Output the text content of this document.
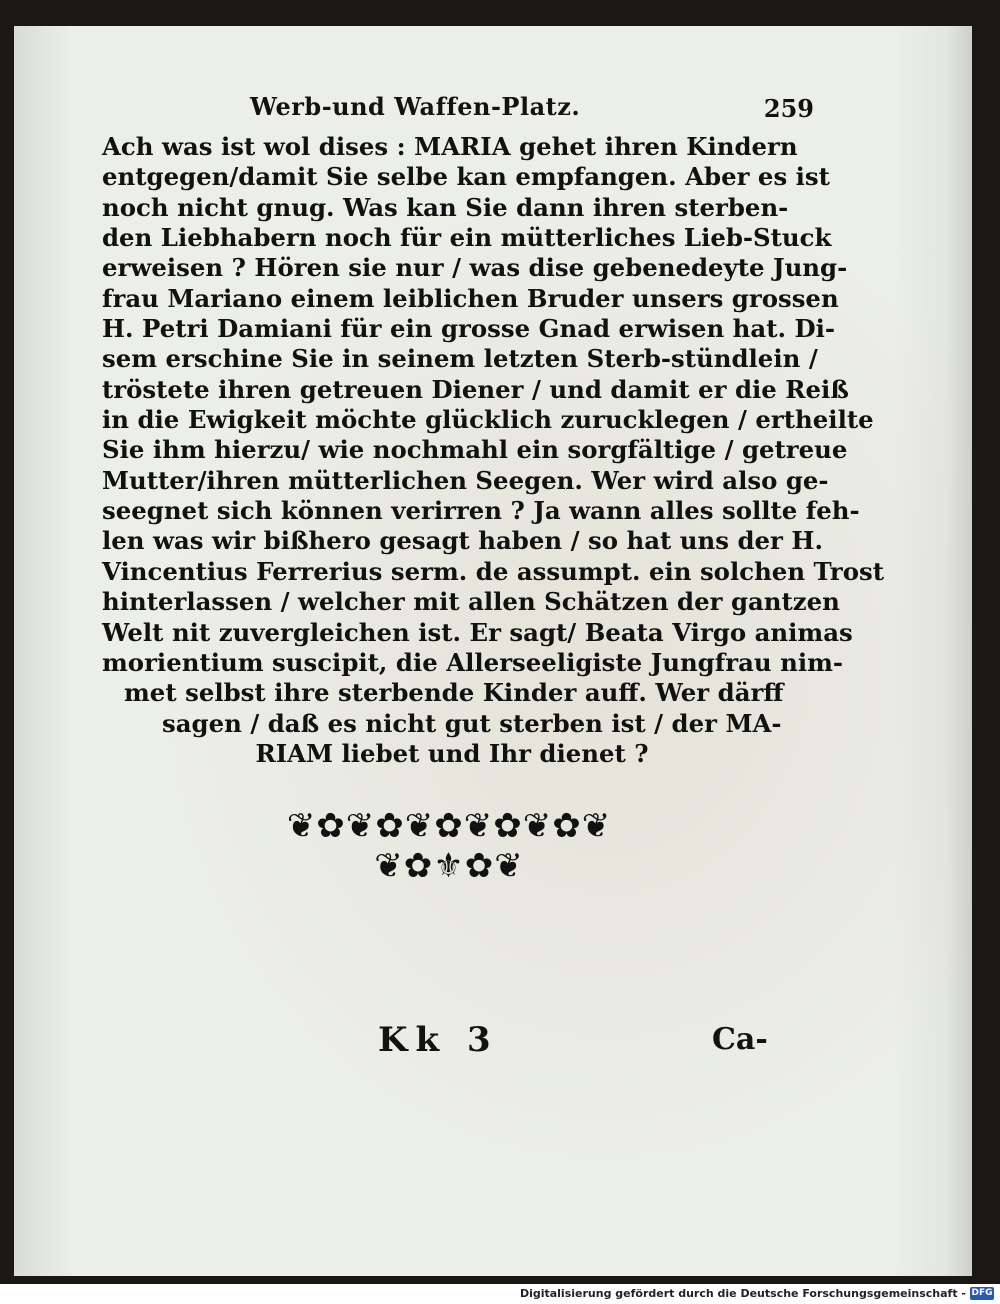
Werb-und Waffen-Platz.	259
Ach was ist wol dises : MARIA gehet ihren Kindern
entgegen/damit Sie selbe kan empfangen. Aber es ist
noch nicht gnug. Was kan Sie dann ihren sterben-
den Liebhabern noch für ein mütterliches Lieb-Stuck
erweisen ? Hören sie nur / was dise gebenedeyte Jung-
frau Mariano einem leiblichen Bruder unsers grossen
H. Petri Damiani für ein grosse Gnad erwisen hat. Di-
sem erschine Sie in seinem letzten Sterb-stündlein /
tröstete ihren getreuen Diener / und damit er die Reiß
in die Ewigkeit möchte glücklich zurucklegen / ertheilte
Sie ihm hierzu/ wie nochmahl ein sorgfältige / getreue
Mutter/ihren mütterlichen Seegen. Wer wird also ge-
seegnet sich können verirren ? Ja wann alles sollte feh-
len was wir bißhero gesagt haben / so hat uns der H.
Vincentius Ferrerius serm. de assumpt. ein solchen Trost
hinterlassen / welcher mit allen Schätzen der gantzen
Welt nit zuvergleichen ist. Er sagt/ Beata Virgo animas
morientium suscipit, die Allerseeligiste Jungfrau nim-
met selbst ihre sterbende Kinder auff. Wer därff
sagen / daß es nicht gut sterben ist / der MA-
RIAM liebet und Ihr dienet ?
❦✿❦✿❦✿❦✿❦✿❦
❦✿⚜✿❦
Kk 3	Ca-
Digitalisierung gefördert durch die Deutsche Forschungsgemeinschaft - DFG
